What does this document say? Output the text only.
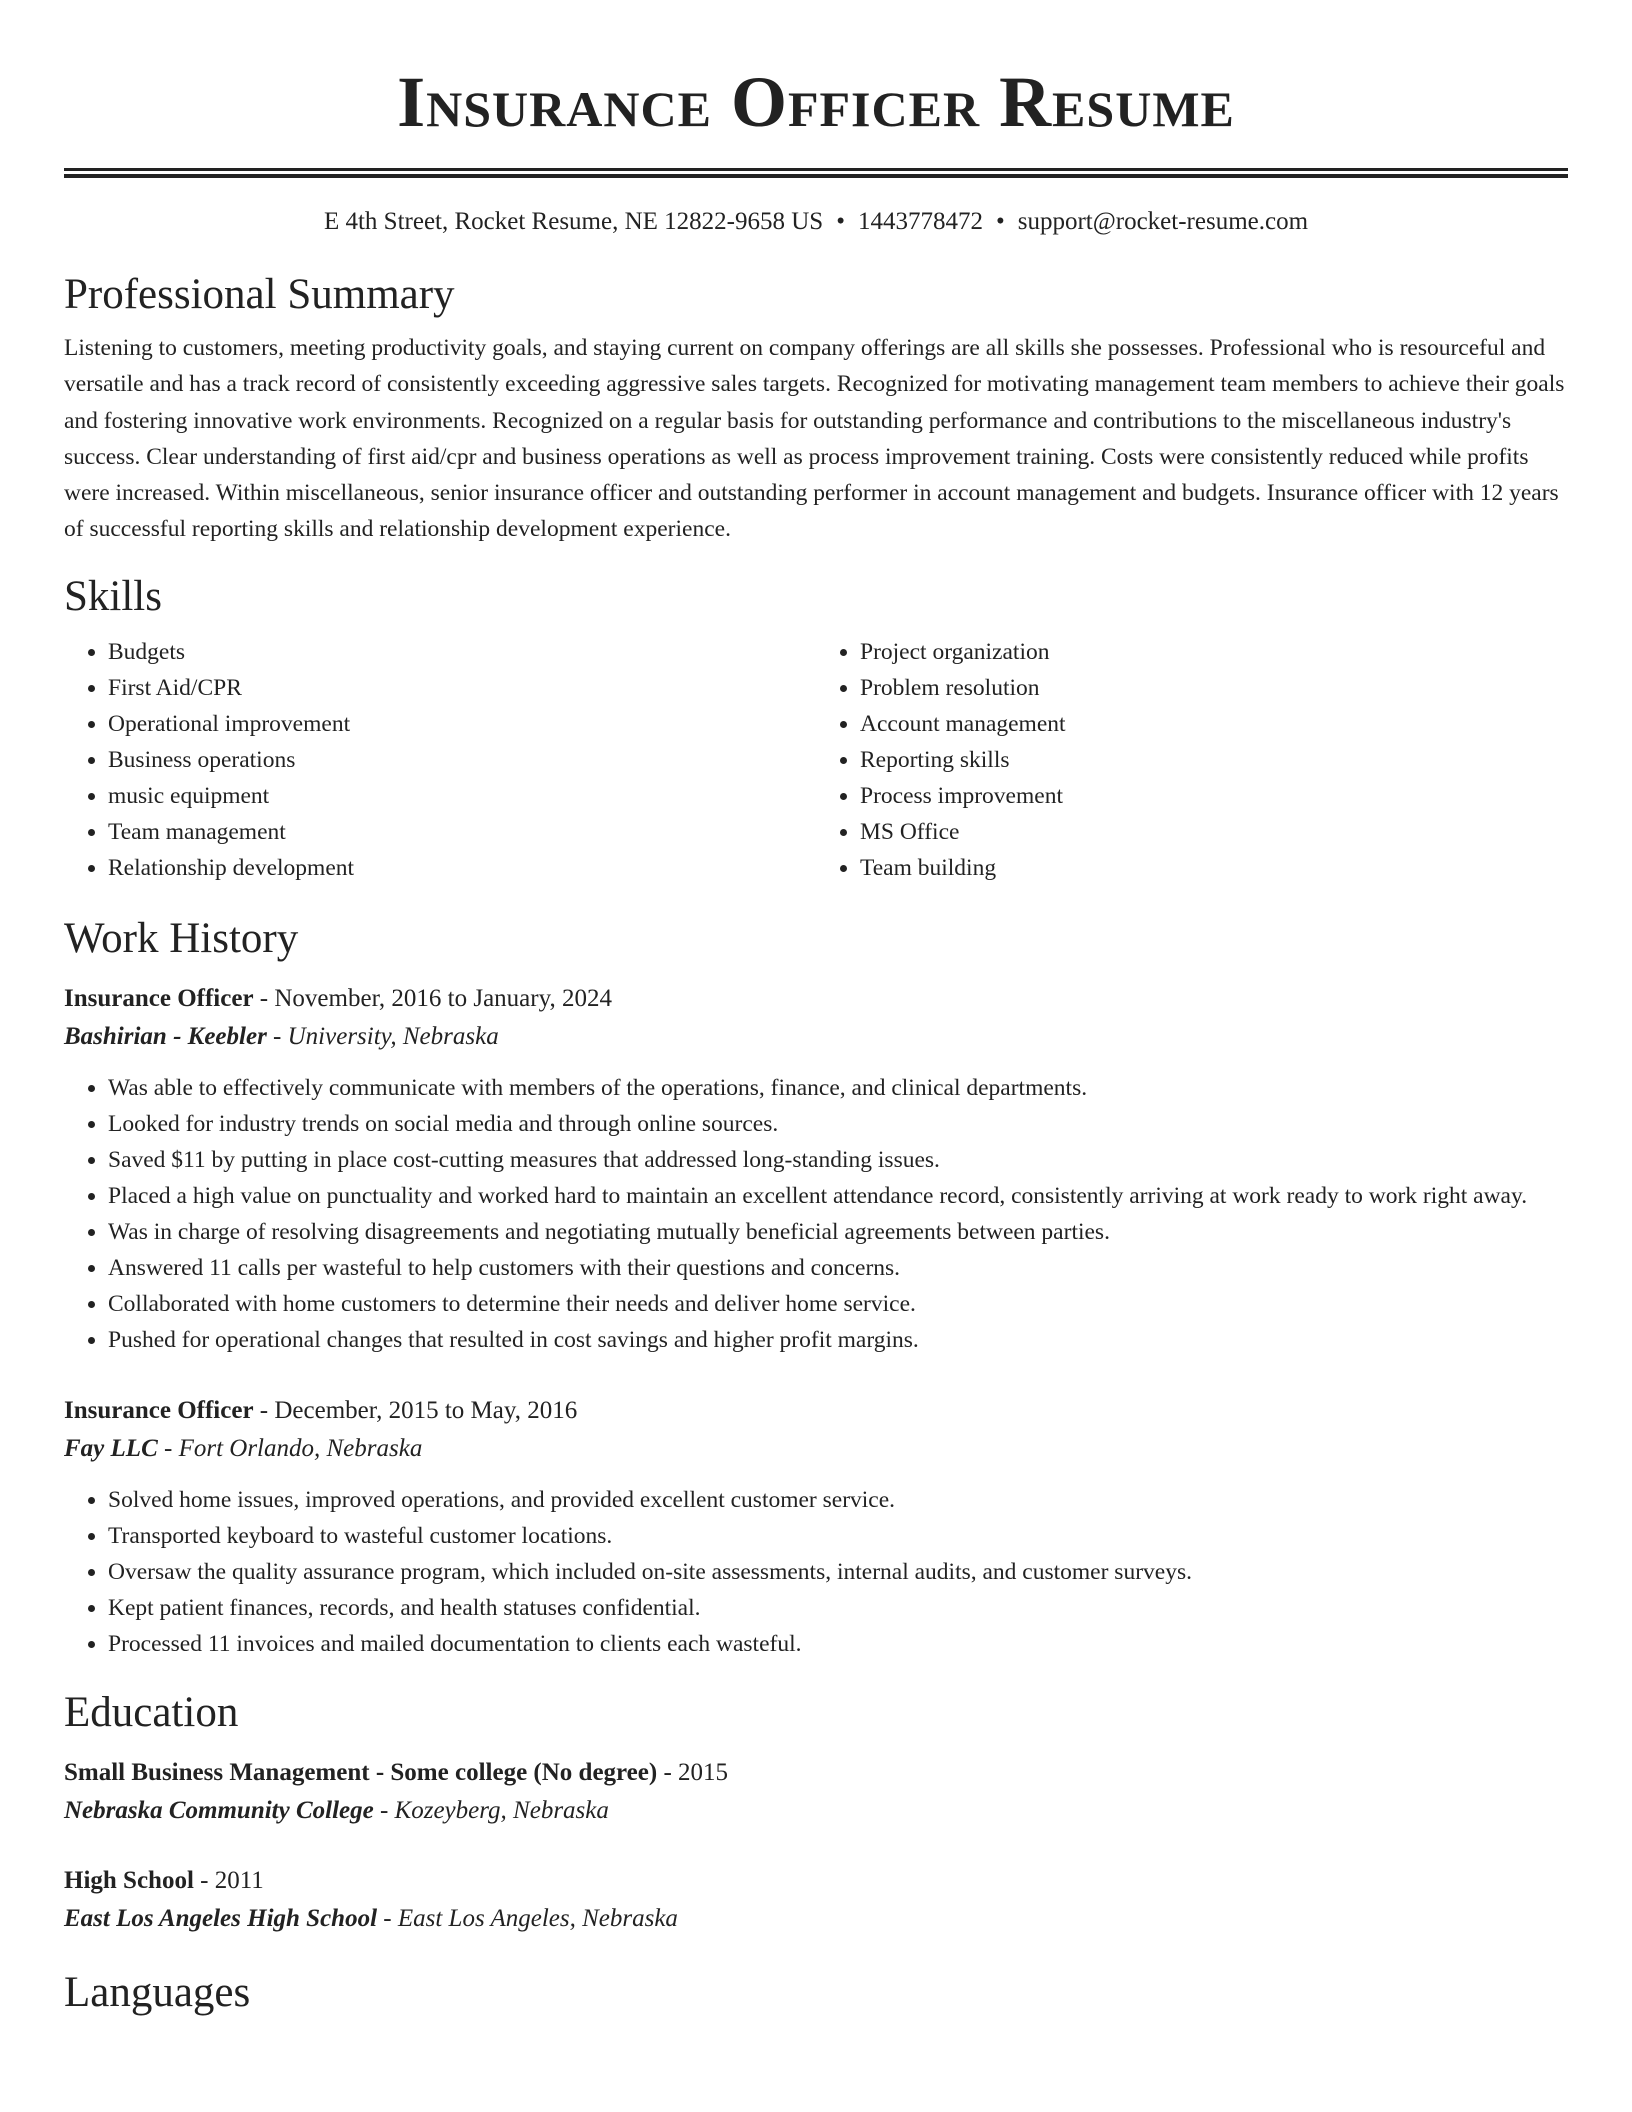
Insurance Officer Resume
E 4th Street, Rocket Resume, NE 12822-9658 US • 1443778472 • support@rocket-resume.com
Professional Summary

Listening to customers, meeting productivity goals, and staying current on company offerings are all skills she possesses. Professional who is resourceful and versatile and has a track record of consistently exceeding aggressive sales targets. Recognized for motivating management team members to achieve their goals and fostering innovative work environments. Recognized on a regular basis for outstanding performance and contributions to the miscellaneous industry's success. Clear understanding of first aid/cpr and business operations as well as process improvement training. Costs were consistently reduced while profits were increased. Within miscellaneous, senior insurance officer and outstanding performer in account management and budgets. Insurance officer with 12 years of successful reporting skills and relationship development experience.

Skills
• Budgets
• First Aid/CPR
• Operational improvement
• Business operations
• music equipment
• Team management
• Relationship development
• Project organization
• Problem resolution
• Account management
• Reporting skills
• Process improvement
• MS Office
• Team building
Work History
Insurance Officer - November, 2016 to January, 2024
Bashirian - Keebler - University, Nebraska
• Was able to effectively communicate with members of the operations, finance, and clinical departments.
• Looked for industry trends on social media and through online sources.
• Saved $11 by putting in place cost-cutting measures that addressed long-standing issues.
• Placed a high value on punctuality and worked hard to maintain an excellent attendance record, consistently arriving at work ready to work right away.
• Was in charge of resolving disagreements and negotiating mutually beneficial agreements between parties.
• Answered 11 calls per wasteful to help customers with their questions and concerns.
• Collaborated with home customers to determine their needs and deliver home service.
• Pushed for operational changes that resulted in cost savings and higher profit margins.
Insurance Officer - December, 2015 to May, 2016
Fay LLC - Fort Orlando, Nebraska
• Solved home issues, improved operations, and provided excellent customer service.
• Transported keyboard to wasteful customer locations.
• Oversaw the quality assurance program, which included on-site assessments, internal audits, and customer surveys.
• Kept patient finances, records, and health statuses confidential.
• Processed 11 invoices and mailed documentation to clients each wasteful.
Education
Small Business Management - Some college (No degree) - 2015
Nebraska Community College - Kozeyberg, Nebraska
High School - 2011
East Los Angeles High School - East Los Angeles, Nebraska
Languages
